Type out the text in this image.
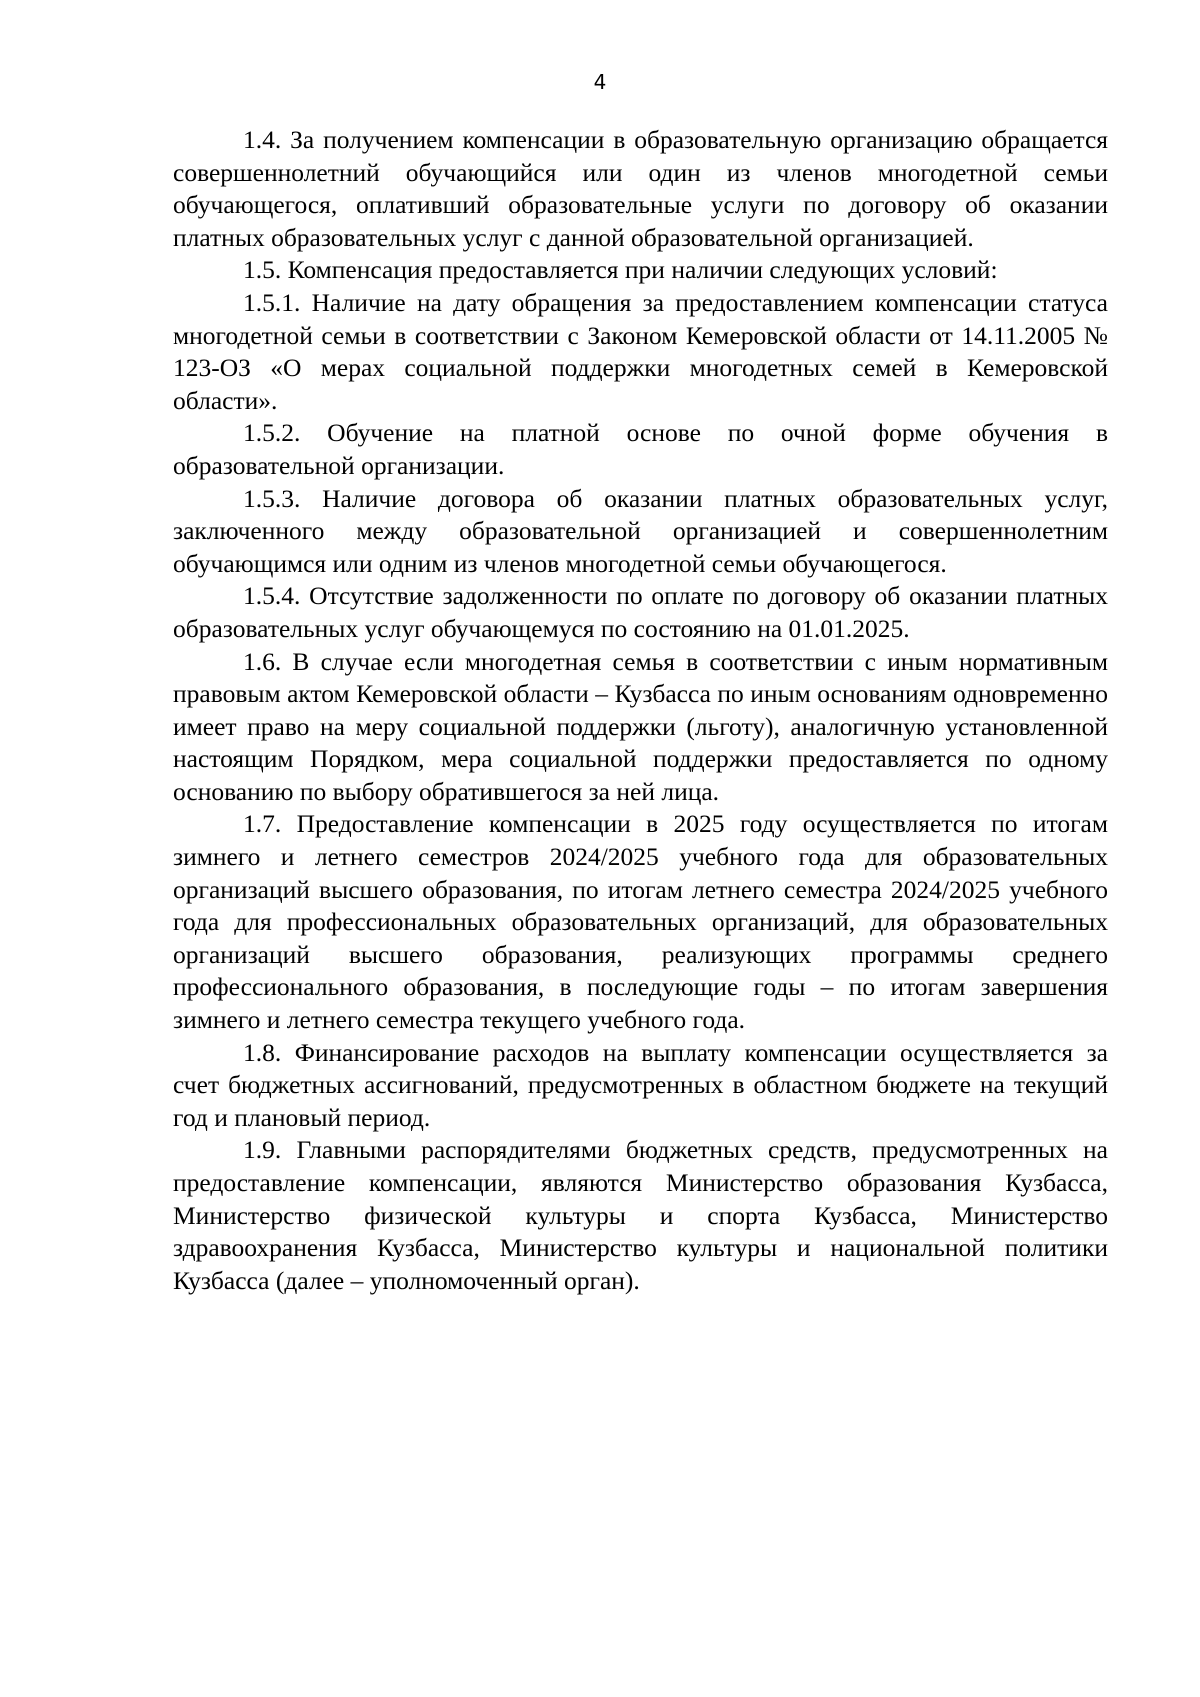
4

1.4. За получением компенсации в образовательную организацию обращается совершеннолетний обучающийся или один из членов многодетной семьи обучающегося, оплативший образовательные услуги по договору об оказании платных образовательных услуг с данной образовательной организацией.

1.5. Компенсация предоставляется при наличии следующих условий:

1.5.1. Наличие на дату обращения за предоставлением компенсации статуса многодетной семьи в соответствии с Законом Кемеровской области от 14.11.2005 № 123-ОЗ «О мерах социальной поддержки многодетных семей в Кемеровской области».

1.5.2. Обучение на платной основе по очной форме обучения в образовательной организации.

1.5.3. Наличие договора об оказании платных образовательных услуг, заключенного между образовательной организацией и совершеннолетним обучающимся или одним из членов многодетной семьи обучающегося.

1.5.4. Отсутствие задолженности по оплате по договору об оказании платных образовательных услуг обучающемуся по состоянию на 01.01.2025.

1.6. В случае если многодетная семья в соответствии с иным нормативным правовым актом Кемеровской области – Кузбасса по иным основаниям одновременно имеет право на меру социальной поддержки (льготу), аналогичную установленной настоящим Порядком, мера социальной поддержки предоставляется по одному основанию по выбору обратившегося за ней лица.

1.7. Предоставление компенсации в 2025 году осуществляется по итогам зимнего и летнего семестров 2024/2025 учебного года для образовательных организаций высшего образования, по итогам летнего семестра 2024/2025 учебного года для профессиональных образовательных организаций, для образовательных организаций высшего образования, реализующих программы среднего профессионального образования, в последующие годы – по итогам завершения зимнего и летнего семестра текущего учебного года.

1.8. Финансирование расходов на выплату компенсации осуществляется за счет бюджетных ассигнований, предусмотренных в областном бюджете на текущий год и плановый период.

1.9. Главными распорядителями бюджетных средств, предусмотренных на предоставление компенсации, являются Министерство образования Кузбасса, Министерство физической культуры и спорта Кузбасса, Министерство здравоохранения Кузбасса, Министерство культуры и национальной политики Кузбасса (далее – уполномоченный орган).
